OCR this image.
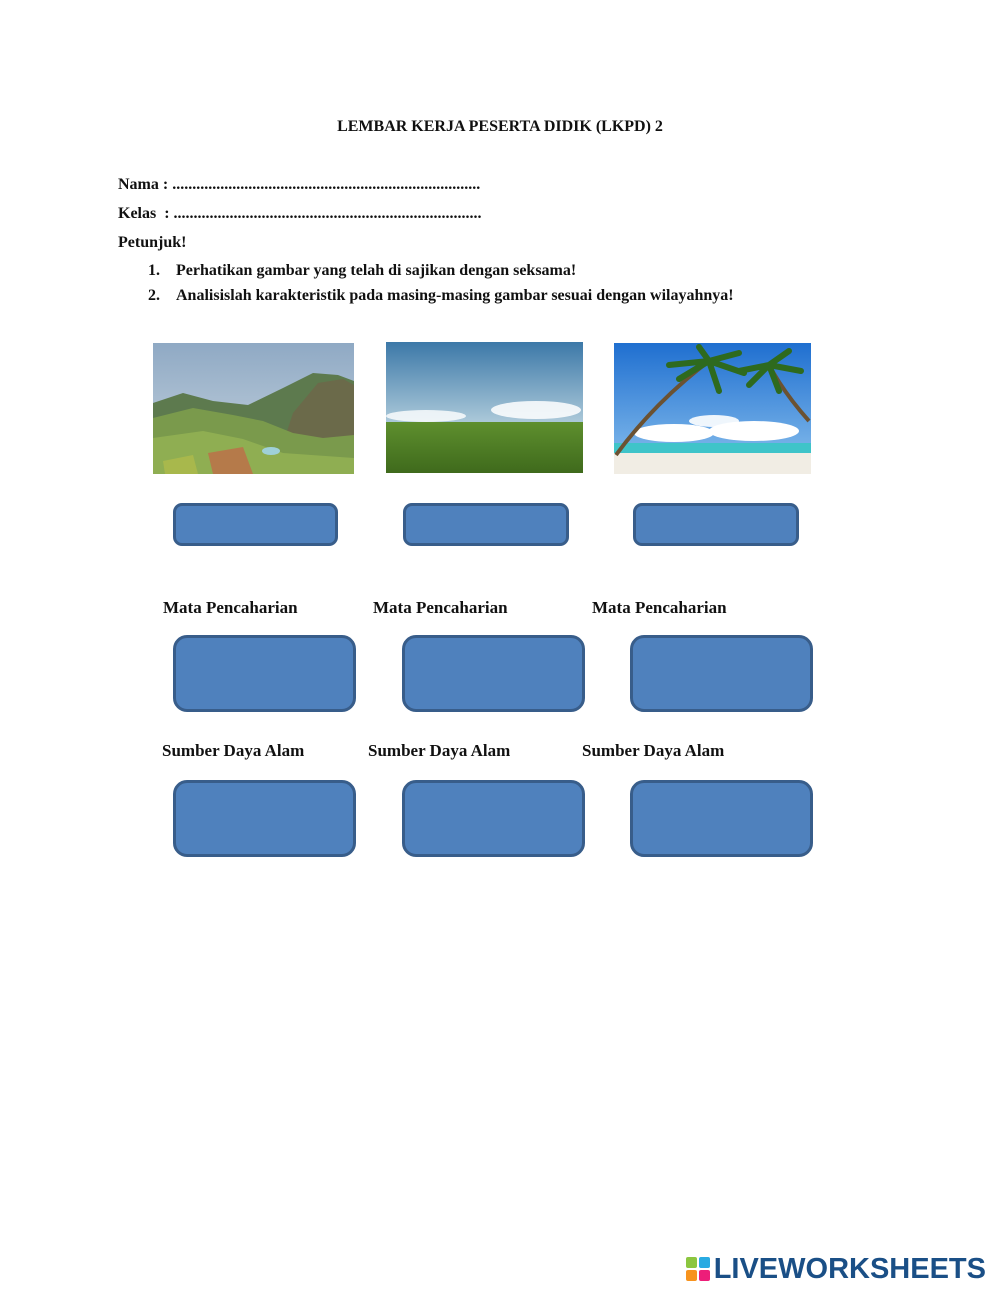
LEMBAR KERJA PESERTA DIDIK (LKPD) 2
Nama : .............................................................................
Kelas  : .............................................................................
Petunjuk!
1. Perhatikan gambar yang telah di sajikan dengan seksama!
2. Analisislah karakteristik pada masing-masing gambar sesuai dengan wilayahnya!
Mata Pencaharian	Mata Pencaharian	Mata Pencaharian
Sumber Daya Alam	Sumber Daya Alam	Sumber Daya Alam
LIVEWORKSHEETS
